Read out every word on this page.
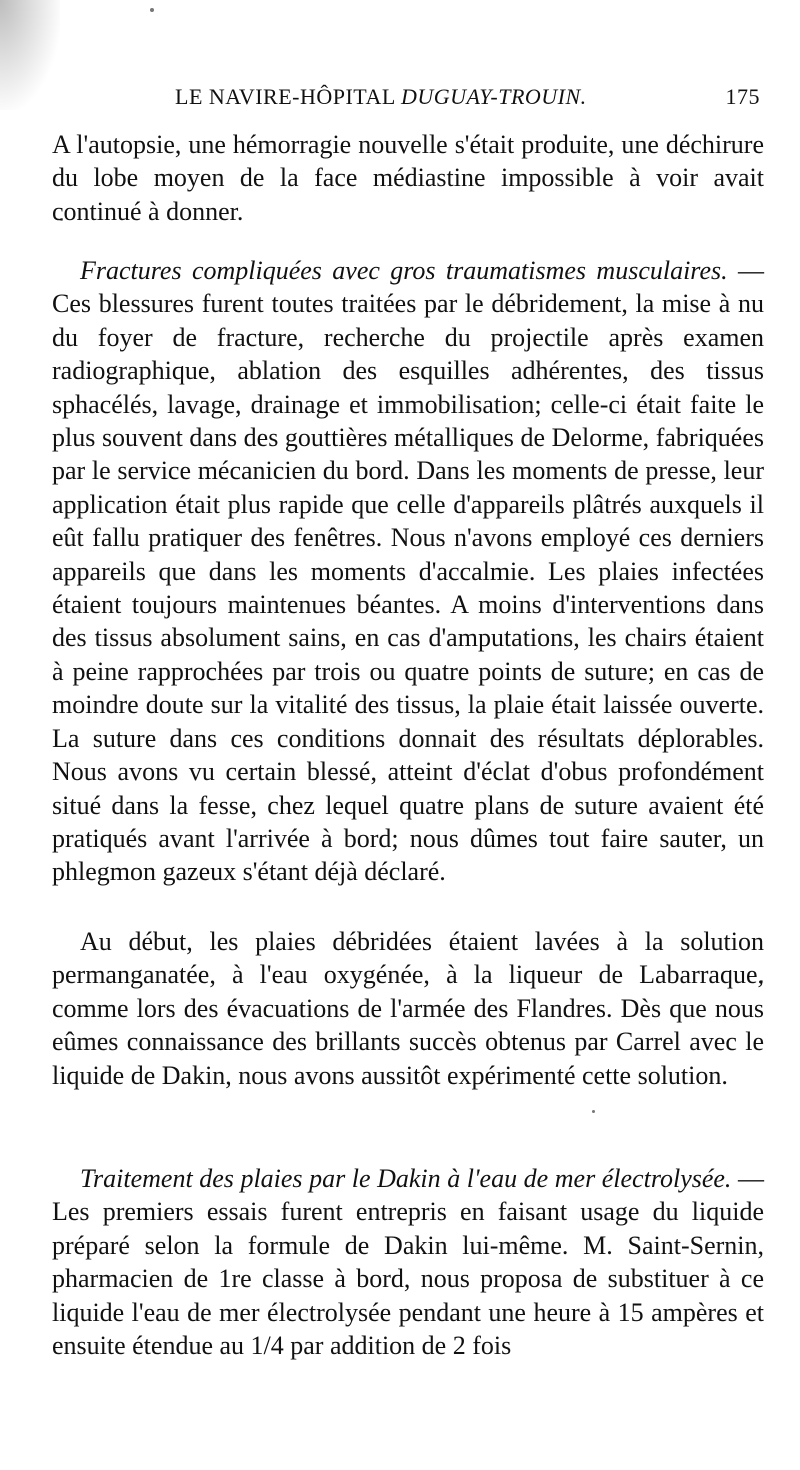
LE NAVIRE-HÔPITAL DUGUAY-TROUIN.	175

A l'autopsie, une hémorragie nouvelle s'était produite, une déchirure du lobe moyen de la face médiastine impossible à voir avait continué à donner.

Fractures compliquées avec gros traumatismes musculaires. — Ces blessures furent toutes traitées par le débridement, la mise à nu du foyer de fracture, recherche du projectile après examen radiographique, ablation des esquilles adhérentes, des tissus sphacélés, lavage, drainage et immobilisation; celle-ci était faite le plus souvent dans des gouttières métalliques de Delorme, fabriquées par le service mécanicien du bord. Dans les moments de presse, leur application était plus rapide que celle d'appareils plâtrés auxquels il eût fallu pratiquer des fenêtres. Nous n'avons employé ces derniers appareils que dans les moments d'accalmie. Les plaies infectées étaient toujours maintenues béantes. A moins d'interventions dans des tissus absolument sains, en cas d'amputations, les chairs étaient à peine rapprochées par trois ou quatre points de suture; en cas de moindre doute sur la vitalité des tissus, la plaie était laissée ouverte. La suture dans ces conditions donnait des résultats déplorables. Nous avons vu certain blessé, atteint d'éclat d'obus profondément situé dans la fesse, chez lequel quatre plans de suture avaient été pratiqués avant l'arrivée à bord; nous dûmes tout faire sauter, un phlegmon gazeux s'étant déjà déclaré.

Au début, les plaies débridées étaient lavées à la solution permanganatée, à l'eau oxygénée, à la liqueur de Labarraque, comme lors des évacuations de l'armée des Flandres. Dès que nous eûmes connaissance des brillants succès obtenus par Carrel avec le liquide de Dakin, nous avons aussitôt expérimenté cette solution.

Traitement des plaies par le Dakin à l'eau de mer électrolysée. — Les premiers essais furent entrepris en faisant usage du liquide préparé selon la formule de Dakin lui-même. M. Saint-Sernin, pharmacien de 1re classe à bord, nous proposa de substituer à ce liquide l'eau de mer électrolysée pendant une heure à 15 ampères et ensuite étendue au 1/4 par addition de 2 fois
